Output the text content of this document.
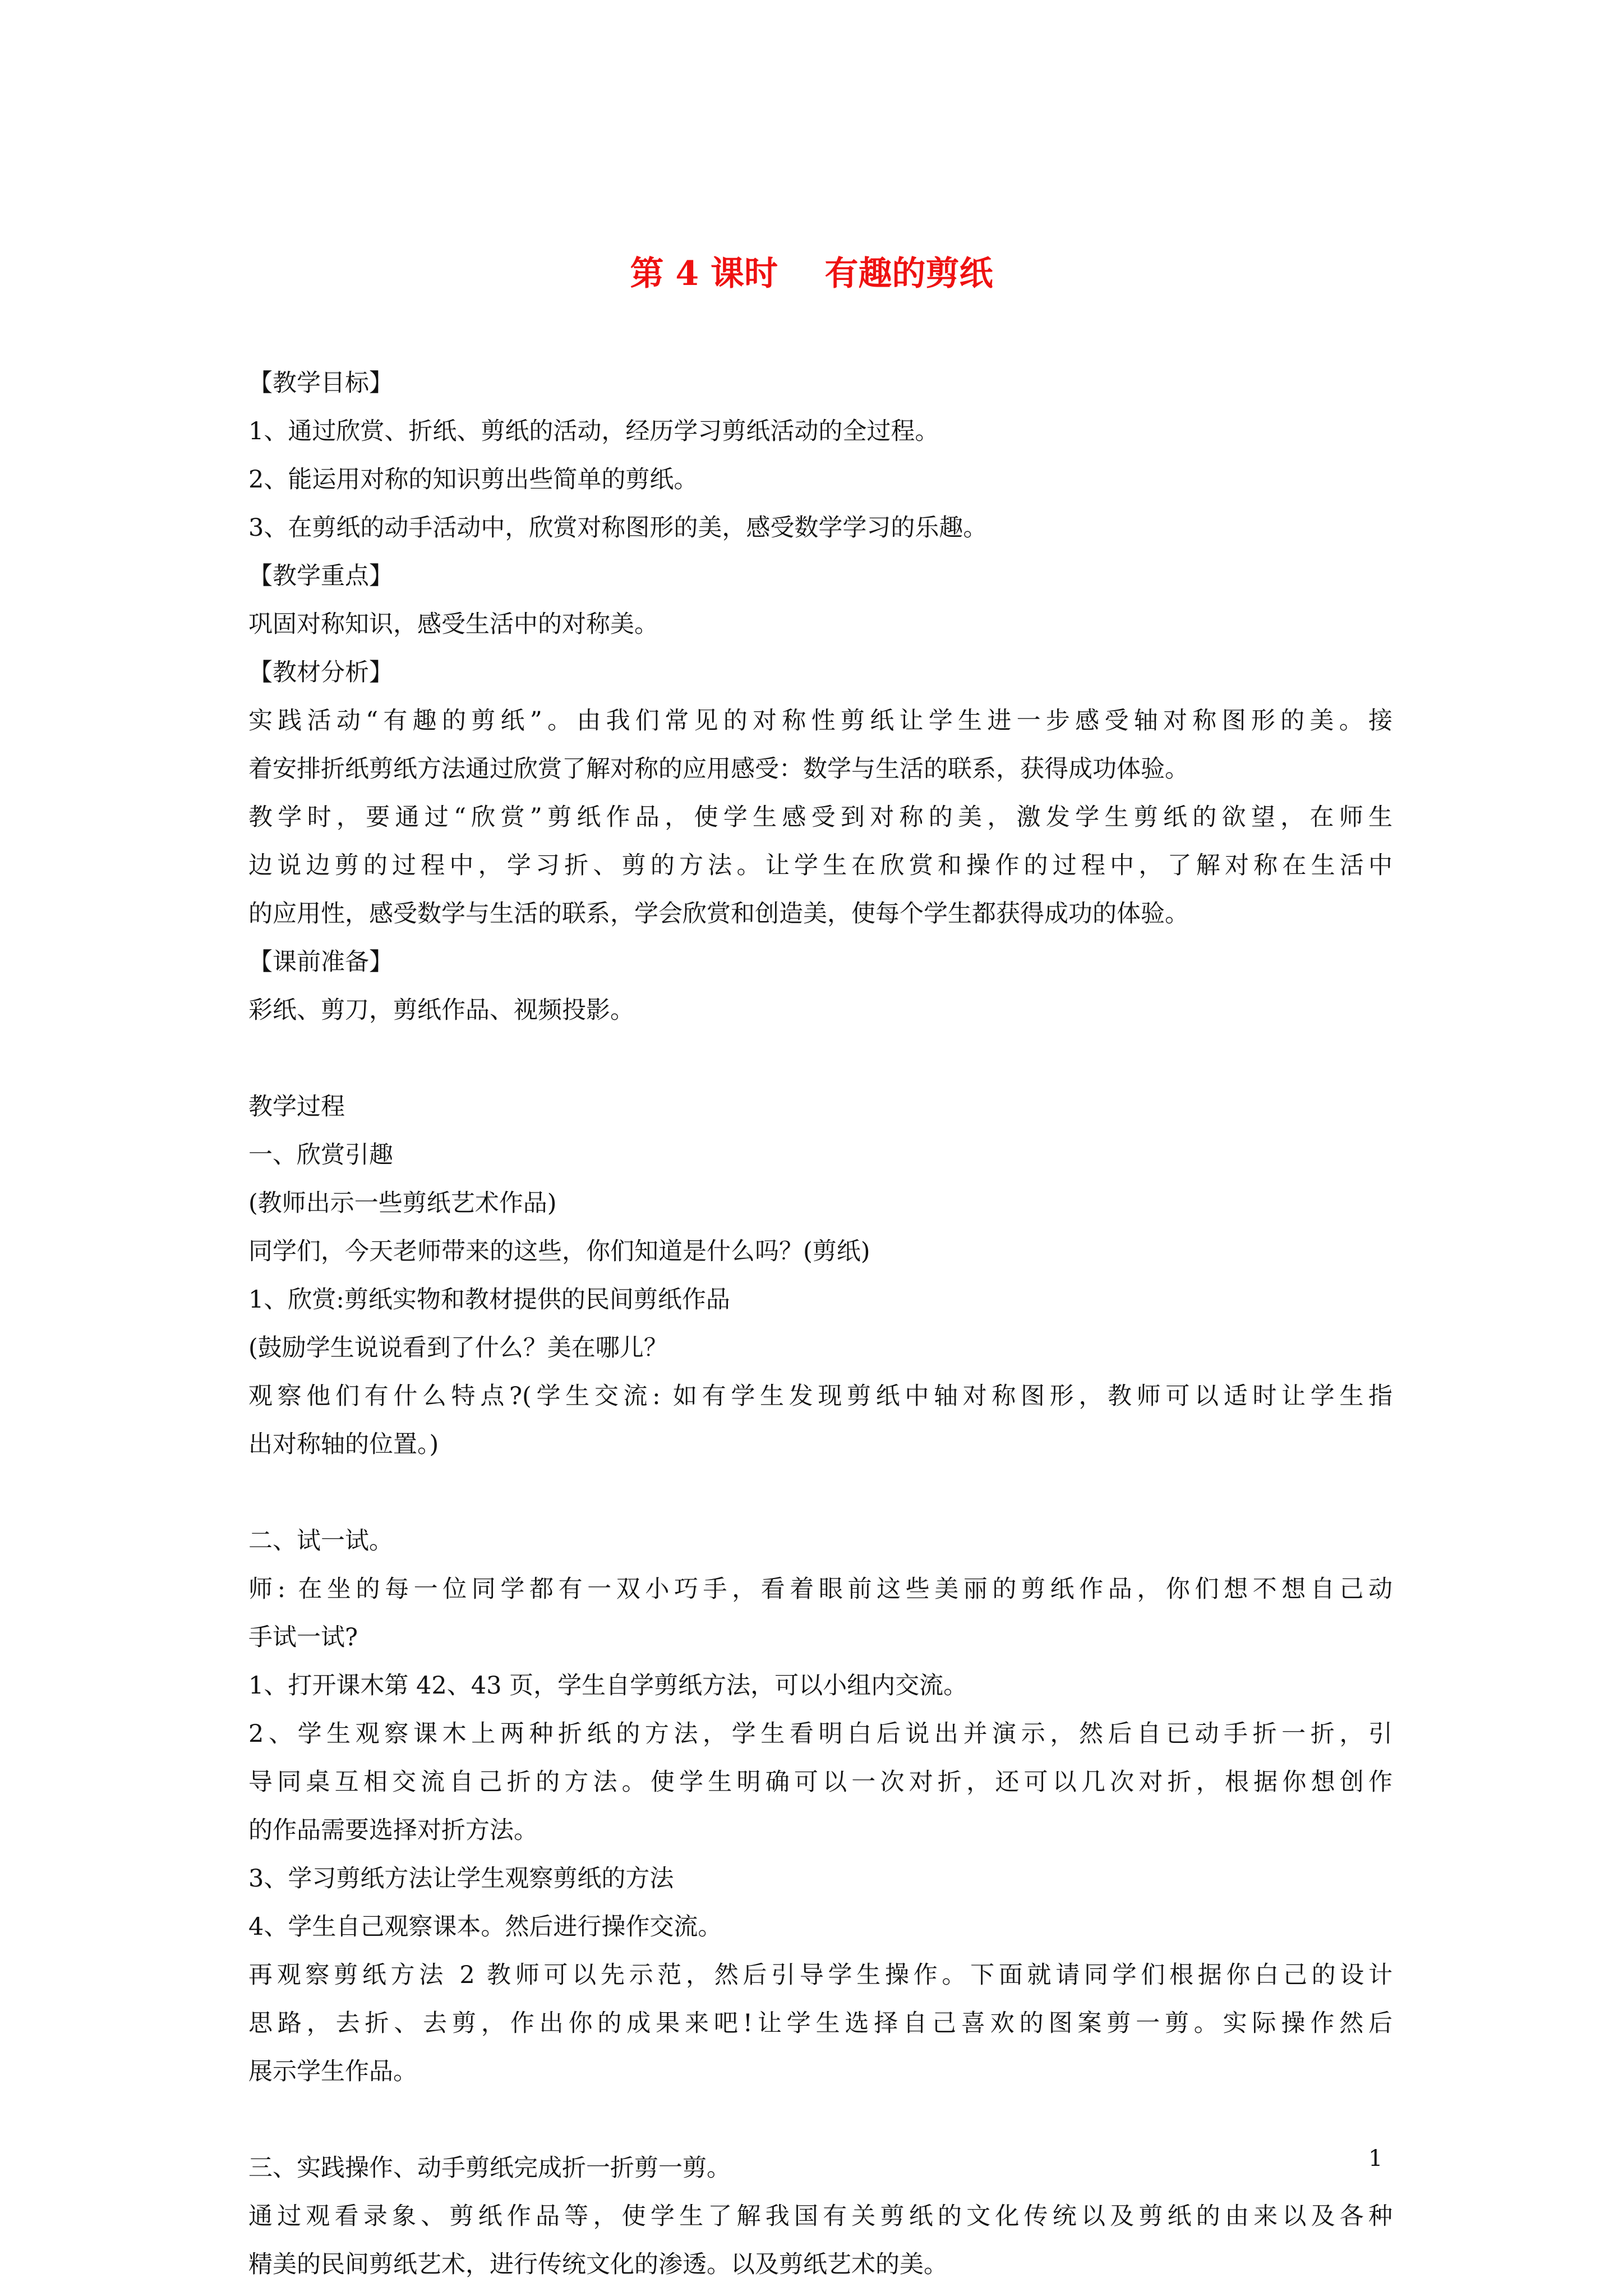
第 4 课时    有趣的剪纸
【教学目标】
1、通过欣赏、折纸、剪纸的活动，经历学习剪纸活动的全过程。
2、能运用对称的知识剪出些简单的剪纸。
3、在剪纸的动手活动中，欣赏对称图形的美，感受数学学习的乐趣。
【教学重点】
巩固对称知识，感受生活中的对称美。
【教材分析】
实践活动“有趣的剪纸”。由我们常见的对称性剪纸让学生进一步感受轴对称图形的美。接
着安排折纸剪纸方法通过欣赏了解对称的应用感受：数学与生活的联系，获得成功体验。
教学时，要通过“欣赏”剪纸作品，使学生感受到对称的美，激发学生剪纸的欲望，在师生
边说边剪的过程中，学习折、剪的方法。让学生在欣赏和操作的过程中，了解对称在生活中
的应用性，感受数学与生活的联系，学会欣赏和创造美，使每个学生都获得成功的体验。
【课前准备】
彩纸、剪刀，剪纸作品、视频投影。
教学过程
一、欣赏引趣
(教师出示一些剪纸艺术作品)
同学们，今天老师带来的这些，你们知道是什么吗？(剪纸)
1、欣赏:剪纸实物和教材提供的民间剪纸作品
(鼓励学生说说看到了什么？美在哪儿？
观察他们有什么特点?(学生交流: 如有学生发现剪纸中轴对称图形，教师可以适时让学生指
出对称轴的位置。)
二、试一试。
师: 在坐的每一位同学都有一双小巧手，看着眼前这些美丽的剪纸作品，你们想不想自己动
手试一试?
1、打开课木第 42、43 页，学生自学剪纸方法，可以小组内交流。
2、学生观察课木上两种折纸的方法，学生看明白后说出并演示，然后自已动手折一折，引
导同桌互相交流自己折的方法。使学生明确可以一次对折，还可以几次对折，根据你想创作
的作品需要选择对折方法。
3、学习剪纸方法让学生观察剪纸的方法
4、学生自己观察课本。然后进行操作交流。
再观察剪纸方法 2 教师可以先示范，然后引导学生操作。下面就请同学们根据你白己的设计
思路，去折、去剪，作出你的成果来吧!让学生选择自己喜欢的图案剪一剪。实际操作然后
展示学生作品。
三、实践操作、动手剪纸完成折一折剪一剪。
通过观看录象、剪纸作品等，使学生了解我国有关剪纸的文化传统以及剪纸的由来以及各种
精美的民间剪纸艺术，进行传统文化的渗透。以及剪纸艺术的美。
1
